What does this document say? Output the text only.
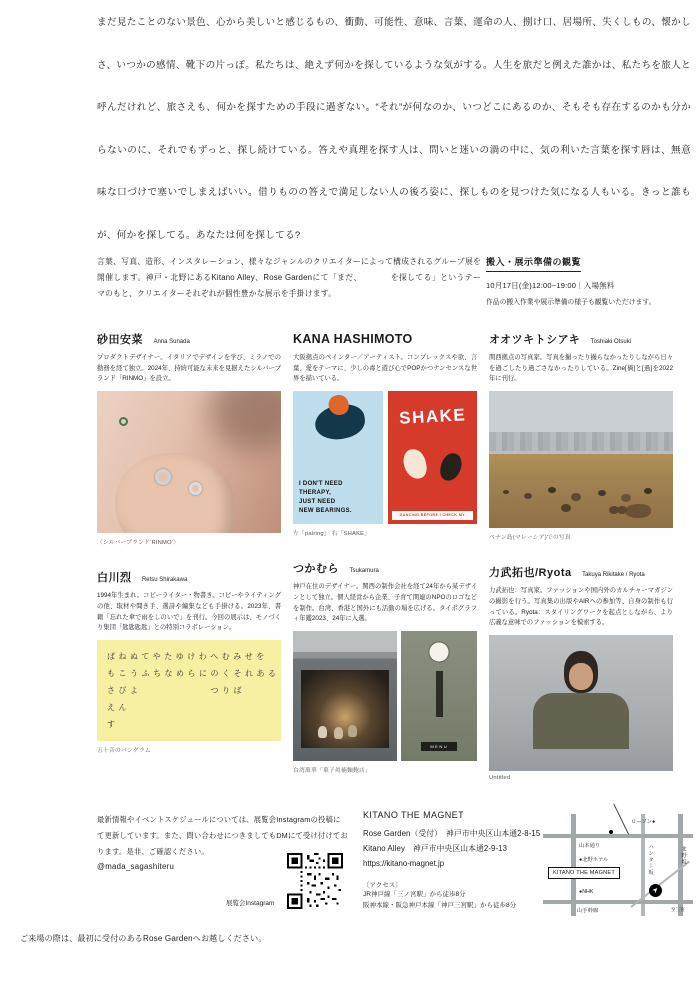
まだ見たことのない景色、心から美しいと感じるもの、衝動、可能性、意味、言葉、運命の人、捌け口、居場所、失くしもの、懐かし
さ、いつかの感情、靴下の片っぽ。私たちは、絶えず何かを探しているような気がする。人生を旅だと例えた誰かは、私たちを旅人と
呼んだけれど、旅さえも、何かを探すための手段に過ぎない。“それ”が何なのか、いつどこにあるのか、そもそも存在するのかも分か
らないのに、それでもずっと、探し続けている。答えや真理を探す人は、問いと迷いの渦の中に、気の利いた言葉を探す唇は、無意
味な口づけで塞いでしまえばいい。借りものの答えで満足しない人の後ろ姿に、探しものを見つけた気になる人もいる。きっと誰も
が、何かを探してる。あなたは何を探してる?
言葉、写真、造形、インスタレーション、様々なジャンルのクリエイターによって構成されるグループ展を
開催します。神戸・北野にあるKitano Alley、Rose Gardenにて「まだ、　　　　を探してる」というテー
マのもと、クリエイターそれぞれが個性豊かな展示を手掛けます。
搬入・展示準備の観覧
10月17日(金)12:00−19:00｜入場無料
作品の搬入作業や展示準備の様子も観覧いただけます。
砂田安菜 Anna Sunada

プロダクトデザイナー。イタリアでデザインを学び、ミラノでの勤務を経て独立。2024年、持続可能な未来を見据えたシルバーブランド「RINMO」を設立。

〈シルバーブランド'RINMO'〉
白川烈 Retsu Shirakawa

1994年生まれ。コピーライター・物書き。コピーやライティングの他、取材や聞き手、選詩や編集なども手掛ける。2023年、書籍「忘れた傘で雨をしのいで」を刊行。今回の展示は、モノづくり集団「匙匙匙匙」との特別コラボレーション。

ぱねぬてやたゆけわへむみせを
もこうふちなめらにのくそれある
さびよ　　　　　　つりば
えん
す
五十音のパングラム
KANA HASHIMOTO

大阪拠点のペインター／アーティスト。コンプレックスや欲、言葉、愛をテーマに、少しの毒と遊び心でPOPかつナンセンスな世界を描いている。

I DON'T NEED
THERAPY,
JUST NEED
NEW BEARINGS.
SHAKE
DANCING BEFORE I CHECK MY BALANCE
左「pairing」 右「SHAKE」
つかむら Tsukamura

神戸在住のデザイナー。関西の制作会社を経て24年から某デザインとして独立。個人経営から企業、子育て関連のNPOのロゴなどを制作。台湾、香港と国外にも活動の場を広げる。タイポグラフィ年鑑2023、24年に入選。

MENU
台湾萬華「菓子眞楠麵麭店」
オオツキトシアキ Toshiaki Otsuki

関西拠点の写真家。写真を撮ったり撮らなかったりしながら日々を過ごしたり過ごさなかったりしている。Zine[禍]と[過]を2022年に刊行。

ペナン島(マレーシア)での写真
力武拓也/Ryota Takuya Rikitake / Ryota

力武拓也：写真家。ファッションや国内外のカルチャーマガジンの撮影を行う。写真集の出版やAIRへの参加等、自身の制作も行っている。Ryota：スタイリングワークを起点としながら、より広義な意味でのファッションを模索する。

Untitled

最新情報やイベントスケジュールについては、展覧会Instagramの投稿に

て更新しています。また、問い合わせにつきましてもDMにて受け付けてお

ります。是非、ご確認ください。

@mada_sagashiteru

展覧会Instagram
KITANO THE MAGNET
Rose Garden（受付）　神戸市中央区山本通2-8-15
Kitano Alley　神戸市中央区山本通2-9-13
https://kitano-magnet.jp
〔アクセス〕
JR神戸線「三ノ宮駅」から徒歩8分
阪神本線・阪急神戸本線「神戸三宮駅」から徒歩8分
KITANO THE MAGNET
ローソン●
山本通り
●北野ホテル	ハンター坂	北野坂
●NHK
山手幹線	至三宮
➤
ご来場の際は、最初に受付のあるRose Gardenへお越しください。
